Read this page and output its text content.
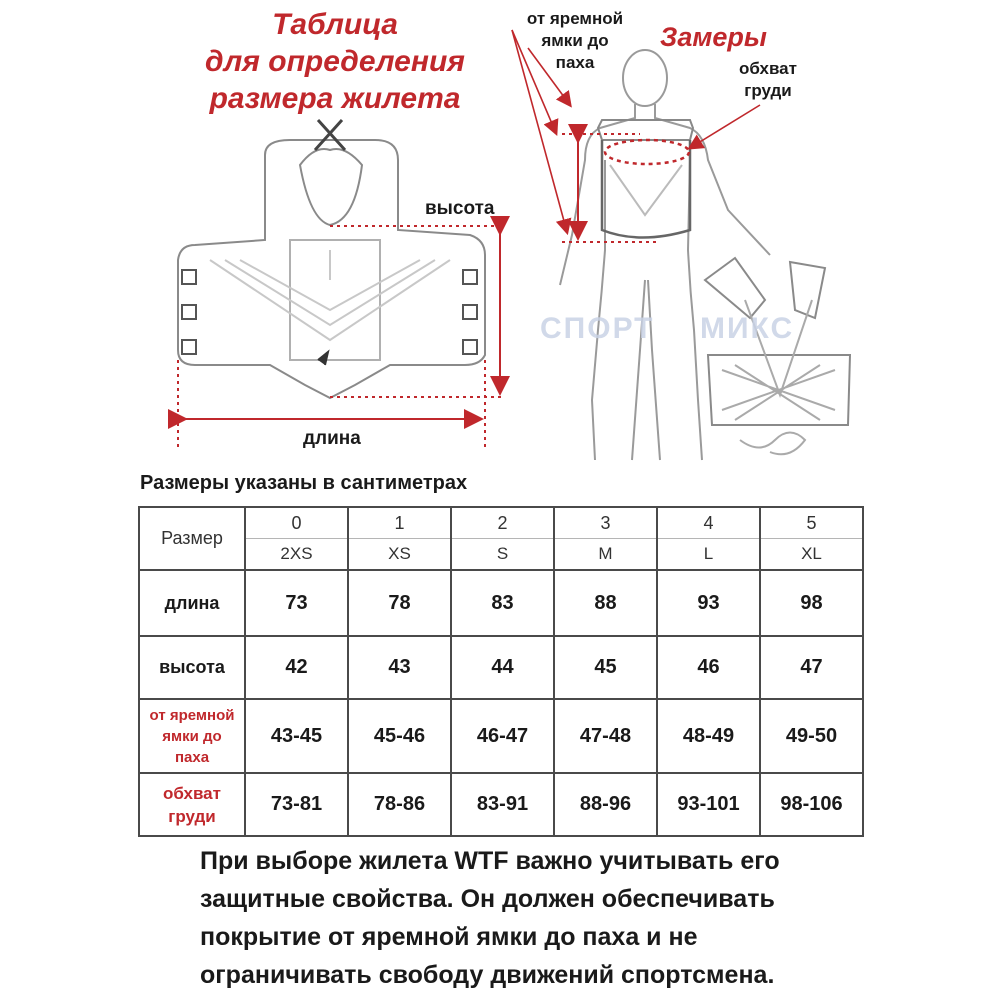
Таблица
для определения
размера жилета
высота
длина
от яремной
ямки до
паха
Замеры
обхват
груди
СПОРТ МИКС
Размеры указаны в сантиметрах
Размер	0	1	2	3	4	5
	2XS	XS	S	M	L	XL
длина	73	78	83	88	93	98
высота	42	43	44	45	46	47

от яремной
ямки до
паха	43-45	45-46	46-47	47-48	48-49	49-50

обхват
груди	73-81	78-86	83-91	88-96	93-101	98-106
При выборе жилета WTF важно учитывать его
защитные свойства. Он должен обеспечивать
покрытие от яремной ямки до паха и не
ограничивать свободу движений спортсмена.
